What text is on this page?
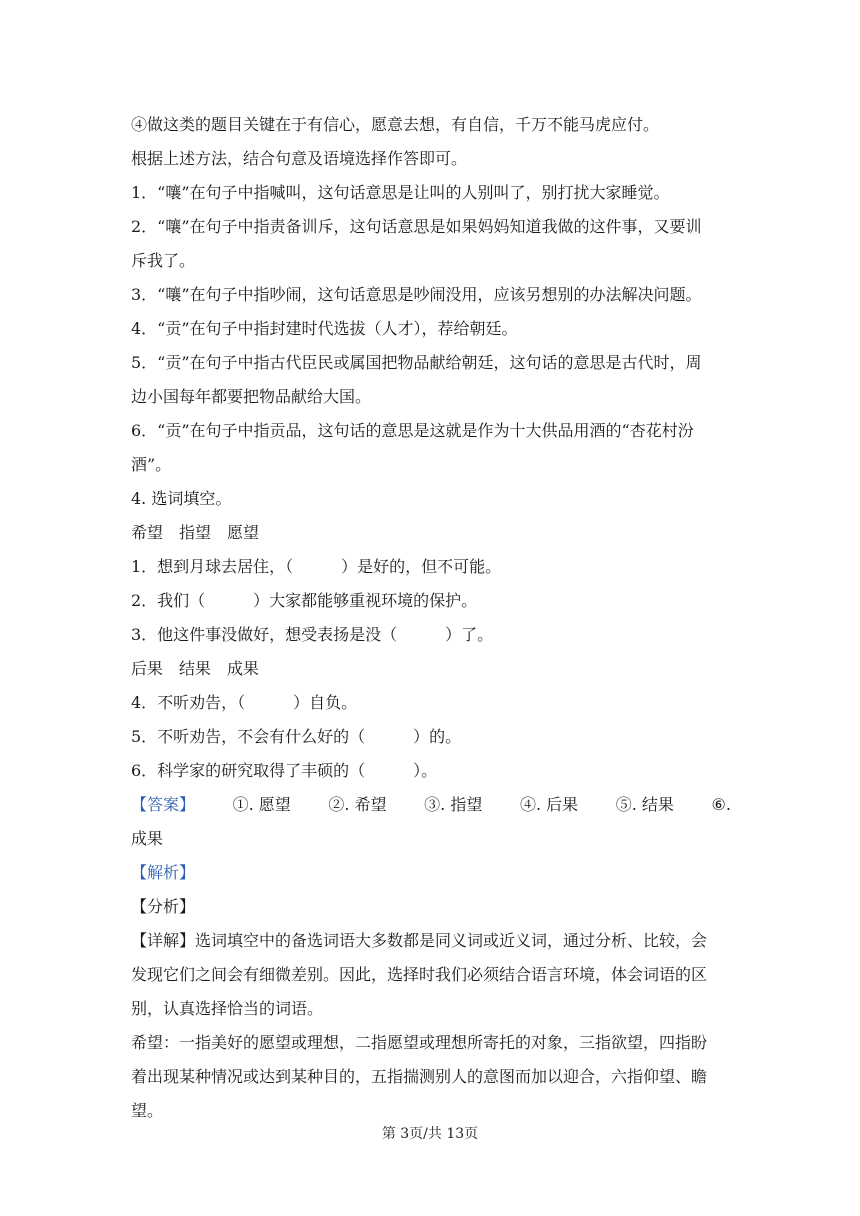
④做这类的题目关键在于有信心，愿意去想，有自信，千万不能马虎应付。
根据上述方法，结合句意及语境选择作答即可。
1．“嚷”在句子中指喊叫，这句话意思是让叫的人别叫了，别打扰大家睡觉。
2．“嚷”在句子中指责备训斥，这句话意思是如果妈妈知道我做的这件事，又要训
斥我了。
3．“嚷”在句子中指吵闹，这句话意思是吵闹没用，应该另想别的办法解决问题。
4．“贡”在句子中指封建时代选拔（人才），荐给朝廷。
5．“贡”在句子中指古代臣民或属国把物品献给朝廷，这句话的意思是古代时，周
边小国每年都要把物品献给大国。
6．“贡”在句子中指贡品，这句话的意思是这就是作为十大供品用酒的“杏花村汾
酒”。
4. 选词填空。
希望　指望　愿望
1．想到月球去居住，（　　　）是好的，但不可能。
2．我们（　　　）大家都能够重视环境的保护。
3．他这件事没做好，想受表扬是没（　　　）了。
后果　结果　成果
4．不听劝告，（　　　）自负。
5．不听劝告，不会有什么好的（　　　）的。
6．科学家的研究取得了丰硕的（　　　）。
【答案】 ①. 愿望 ②. 希望 ③. 指望 ④. 后果 ⑤. 结果 ⑥.
成果
【解析】
【分析】
【详解】选词填空中的备选词语大多数都是同义词或近义词，通过分析、比较，会
发现它们之间会有细微差别。因此，选择时我们必须结合语言环境，体会词语的区
别，认真选择恰当的词语。
希望：一指美好的愿望或理想，二指愿望或理想所寄托的对象，三指欲望，四指盼
着出现某种情况或达到某种目的，五指揣测别人的意图而加以迎合，六指仰望、瞻
望。
第 3页/共 13页
